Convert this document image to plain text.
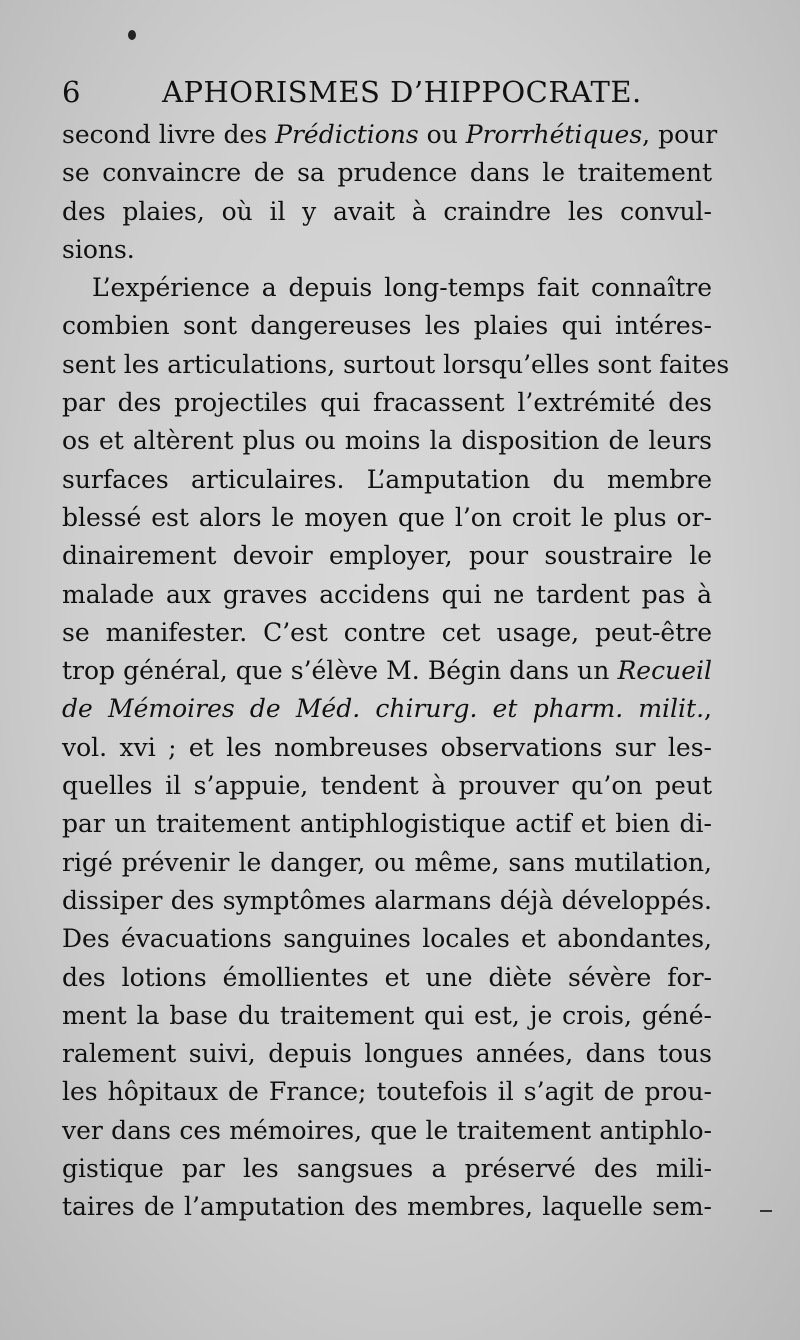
6	APHORISMES D’HIPPOCRATE.
second livre des Prédictions ou Prorrhétiques, pour
se convaincre de sa prudence dans le traitement
des plaies, où il y avait à craindre les convul-
sions.
L’expérience a depuis long-temps fait connaître
combien sont dangereuses les plaies qui intéres-
sent les articulations, surtout lorsqu’elles sont faites
par des projectiles qui fracassent l’extrémité des
os et altèrent plus ou moins la disposition de leurs
surfaces articulaires. L’amputation du membre
blessé est alors le moyen que l’on croit le plus or-
dinairement devoir employer, pour soustraire le
malade aux graves accidens qui ne tardent pas à
se manifester. C’est contre cet usage, peut-être
trop général, que s’élève M. Bégin dans un Recueil
de Mémoires de Méd. chirurg. et pharm. milit.,
vol. xvi ; et les nombreuses observations sur les-
quelles il s’appuie, tendent à prouver qu’on peut
par un traitement antiphlogistique actif et bien di-
rigé prévenir le danger, ou même, sans mutilation,
dissiper des symptômes alarmans déjà développés.
Des évacuations sanguines locales et abondantes,
des lotions émollientes et une diète sévère for-
ment la base du traitement qui est, je crois, géné-
ralement suivi, depuis longues années, dans tous
les hôpitaux de France; toutefois il s’agit de prou-
ver dans ces mémoires, que le traitement antiphlo-
gistique par les sangsues a préservé des mili-
taires de l’amputation des membres, laquelle sem-
